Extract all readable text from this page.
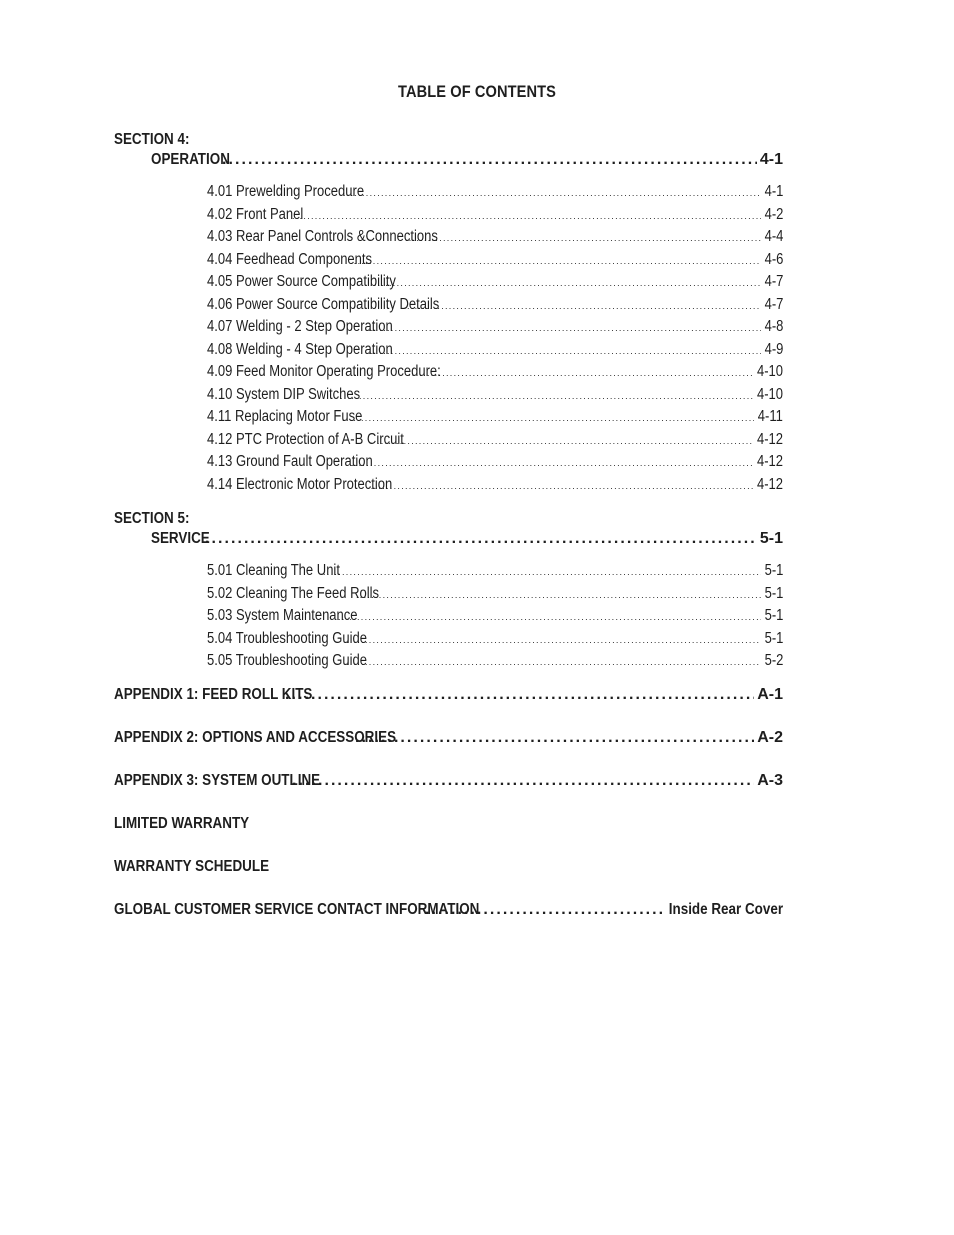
TABLE OF CONTENTS
SECTION 4:
OPERATION . . .	4-1
4.01 Prewelding Procedure . . .	4-1
4.02 Front Panel . . .	4-2
4.03 Rear Panel Controls &Connections . . .	4-4
4.04 Feedhead Components . . .	4-6
4.05 Power Source Compatibility . . .	4-7
4.06 Power Source Compatibility Details . . .	4-7
4.07 Welding - 2 Step Operation . . .	4-8
4.08 Welding - 4 Step Operation . . .	4-9
4.09 Feed Monitor Operating Procedure: . . .	4-10
4.10 System DIP Switches . . .	4-10
4.11 Replacing Motor Fuse . . .	4-11
4.12 PTC Protection of A-B Circuit . . .	4-12
4.13 Ground Fault Operation . . .	4-12
4.14 Electronic Motor Protection . . .	4-12
SECTION 5:
SERVICE . . .	5-1
5.01 Cleaning The Unit . . .	5-1
5.02 Cleaning The Feed Rolls . . .	5-1
5.03 System Maintenance . . .	5-1
5.04 Troubleshooting Guide . . .	5-1
5.05 Troubleshooting Guide . . .	5-2
APPENDIX 1: FEED ROLL KITS . . .	A-1
APPENDIX 2: OPTIONS AND ACCESSORIES . . .	A-2
APPENDIX 3: SYSTEM OUTLINE . . .	A-3
LIMITED WARRANTY
WARRANTY SCHEDULE
GLOBAL CUSTOMER SERVICE CONTACT INFORMATION . . .	Inside Rear Cover
